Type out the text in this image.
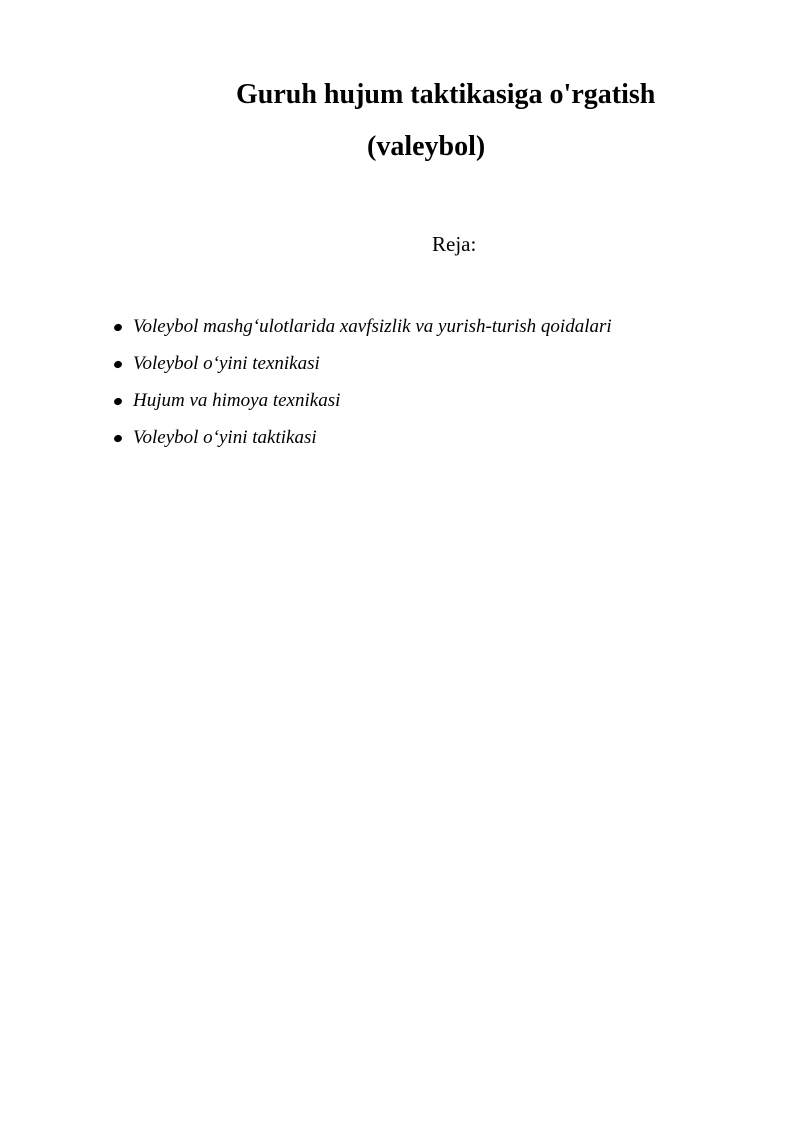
Guruh hujum taktikasiga o'rgatish
(valeybol)
Reja:
Voleybol mashg‘ulotlarida xavfsizlik va yurish-turish qoidalari
Voleybol o‘yini texnikasi
Hujum va himoya texnikasi
Voleybol o‘yini taktikasi
